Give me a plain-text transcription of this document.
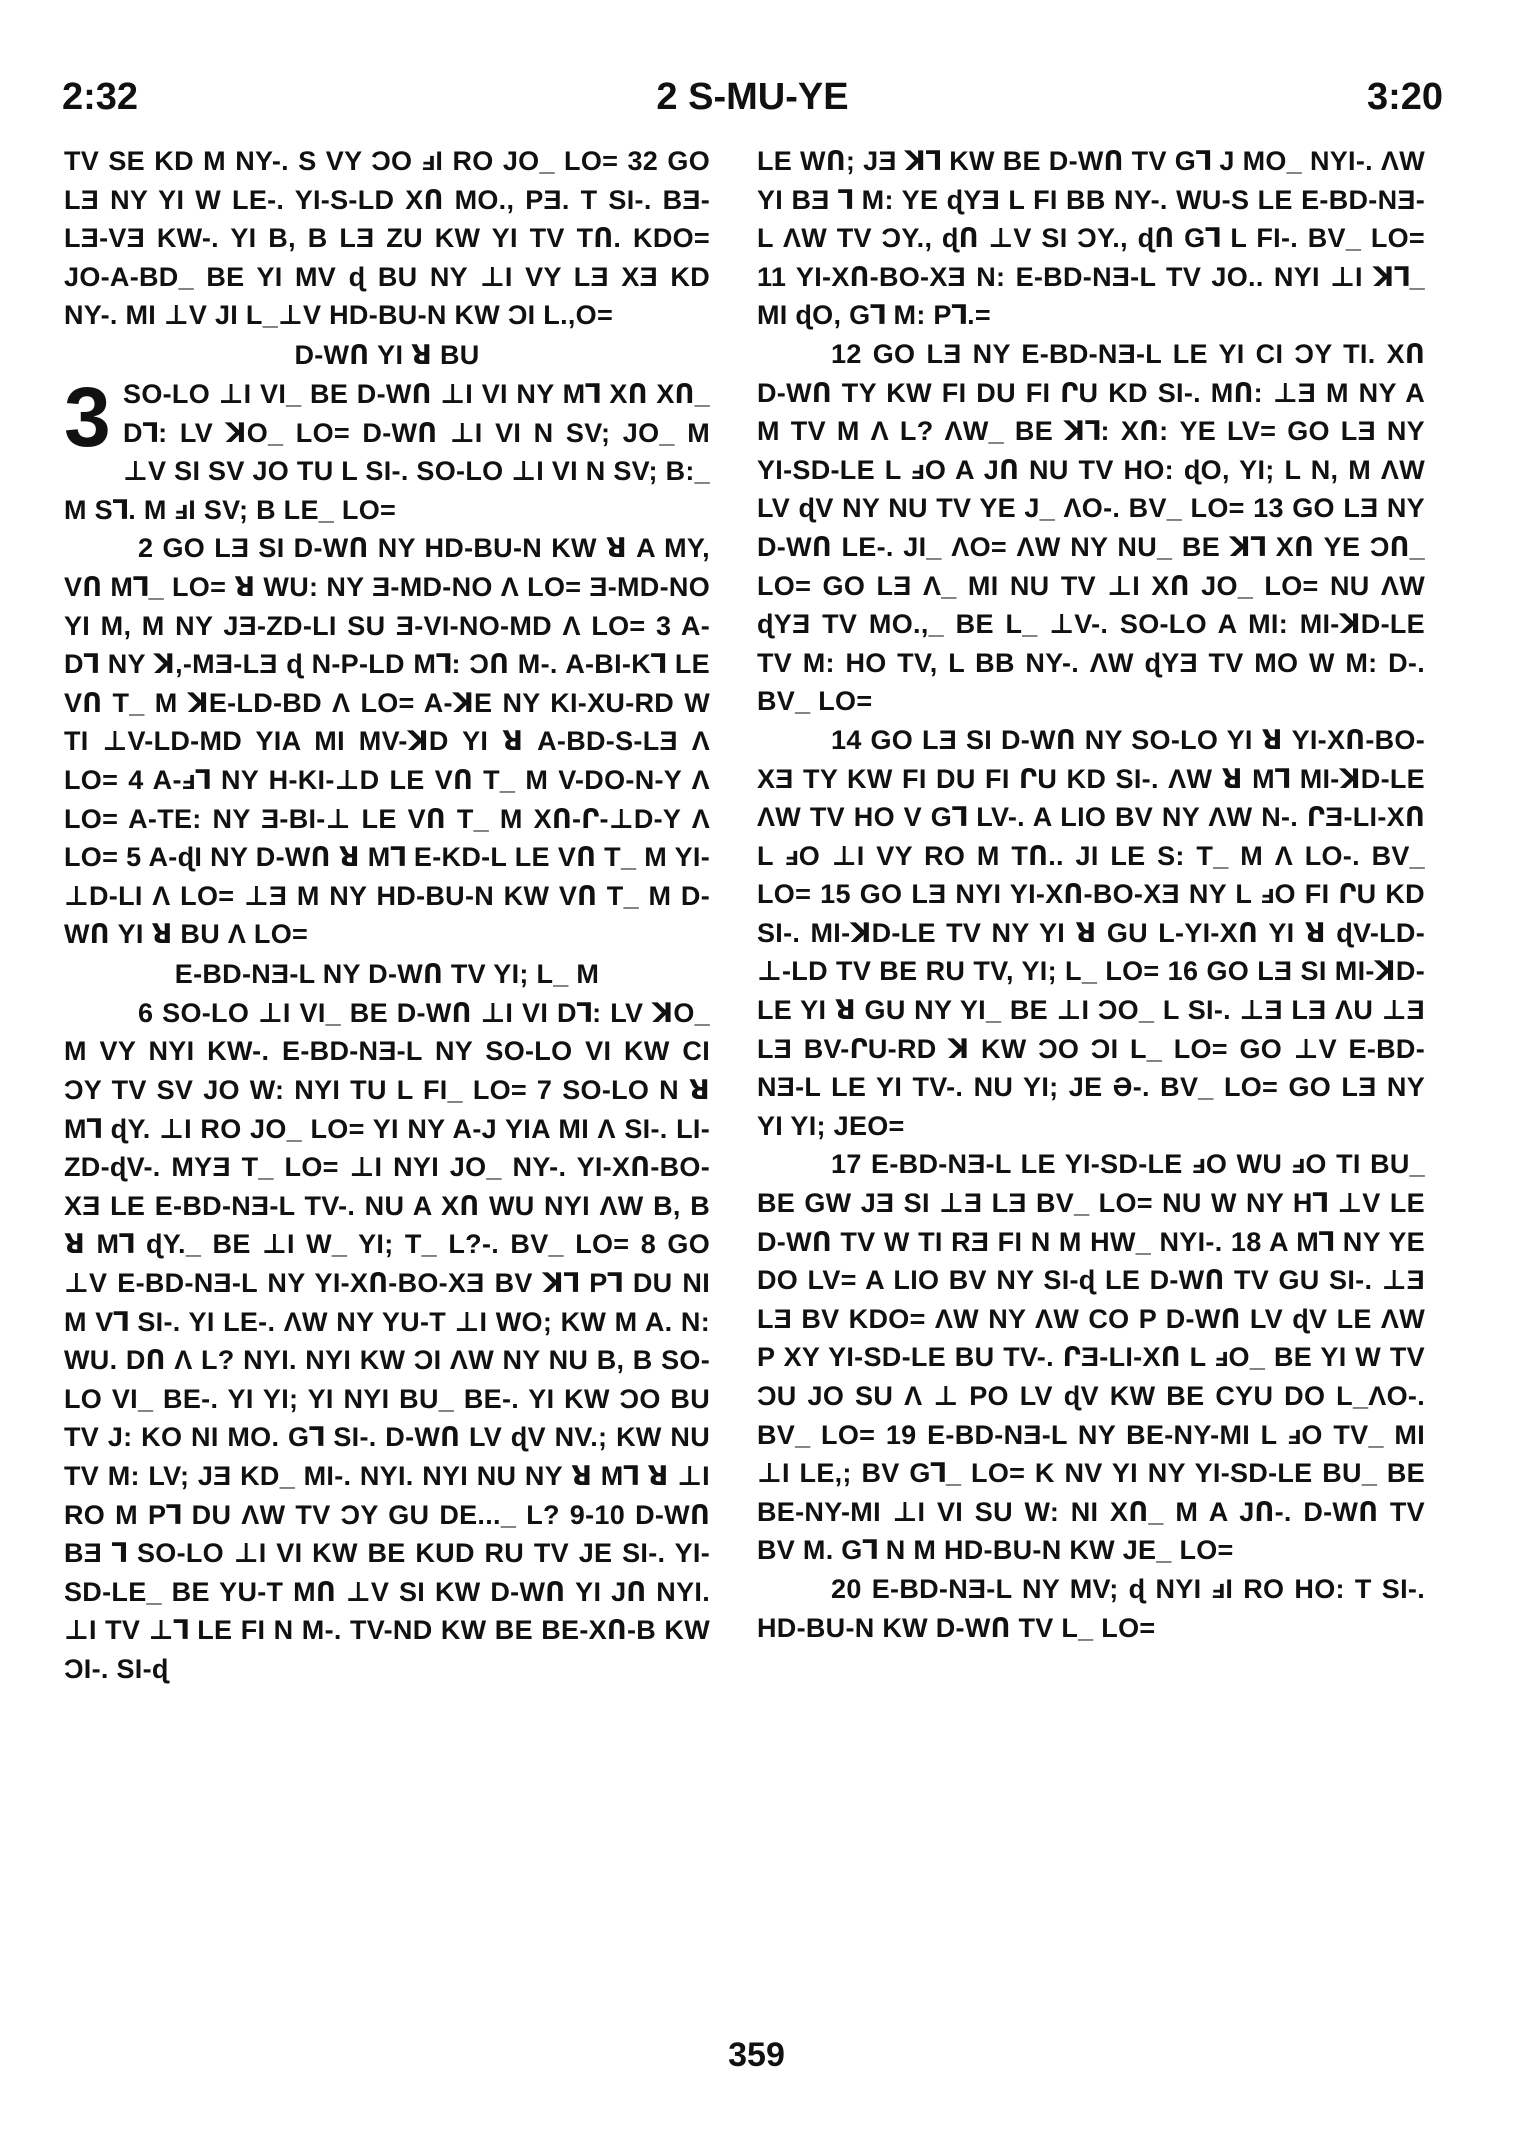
2:32	2 S-MU-YE	3:20

TV SE KD M NY-. S VY ƆO ⅎI RO JO_ LO= 32 GO LƎ NY YI W LE-. YI-S-LD XՈ MO., PƎ. T SI-. BƎ-LƎ-VƎ KW-. YI B, B LƎ ZU KW YI TV TՈ. KDO= JO-A-BD_ BE YI MV ɖ BU NY ⊥I VY LƎ XƎ KD NY-. MI ⊥V JI L_⊥V HD-BU-N KW ƆI L.,O=

D-WՈ YI ꓤ BU

3 SO-LO ⊥I VI_ BE D-WՈ ⊥I VI NY M⅂ XՈ XՈ_ D⅂: LV ꓘO_ LO= D-WՈ ⊥I VI N SV; JO_ M ⊥V SI SV JO TU L SI-. SO-LO ⊥I VI N SV; B:_ M S⅂. M ⅎI SV; B LE_ LO=

2 GO LƎ SI D-WՈ NY HD-BU-N KW ꓤ A MY, VՈ M⅂_ LO= ꓤ WU: NY Ǝ-MD-NO Λ LO= Ǝ-MD-NO YI M, M NY JƎ-ZD-LI SU Ǝ-VI-NO-MD Λ LO= 3 A-D⅂ NY ꓘ,-MƎ-LƎ ɖ N-P-LD M⅂: ƆՈ M-. A-BI-K⅂ LE VՈ T_ M ꓘE-LD-BD Λ LO= A-ꓘE NY KI-XU-RD W TI ⊥V-LD-MD YIA MI MV-ꓘD YI ꓤ A-BD-S-LƎ Λ LO= 4 A-ⅎ⅂ NY H-KI-⊥D LE VՈ T_ M V-DO-N-Y Λ LO= A-TE: NY Ǝ-BI-⊥ LE VՈ T_ M XՈ-Ր-⊥D-Y Λ LO= 5 A-ɖI NY D-WՈ ꓤ M⅂ E-KD-L LE VՈ T_ M YI-⊥D-LI Λ LO= ⊥Ǝ M NY HD-BU-N KW VՈ T_ M D-WՈ YI ꓤ BU Λ LO=

E-BD-NƎ-L NY D-WՈ TV YI; L_ M

6 SO-LO ⊥I VI_ BE D-WՈ ⊥I VI D⅂: LV ꓘO_ M VY NYI KW-. E-BD-NƎ-L NY SO-LO VI KW CI ƆY TV SV JO W: NYI TU L FI_ LO= 7 SO-LO N ꓤ M⅂ ɖY. ⊥I RO JO_ LO= YI NY A-J YIA MI Λ SI-. LI-ZD-ɖV-. MYƎ T_ LO= ⊥I NYI JO_ NY-. YI-XՈ-BO-XƎ LE E-BD-NƎ-L TV-. NU A XՈ WU NYI ΛW B, B ꓤ M⅂ ɖY._ BE ⊥I W_ YI; T_ L?-. BV_ LO= 8 GO ⊥V E-BD-NƎ-L NY YI-XՈ-BO-XƎ BV ꓘ⅂ P⅂ DU NI M V⅂ SI-. YI LE-. ΛW NY YU-T ⊥I WO; KW M A. N: WU. DՈ Λ L? NYI. NYI KW ƆI ΛW NY NU B, B SO-LO VI_ BE-. YI YI; YI NYI BU_ BE-. YI KW ƆO BU TV J: KO NI MO. G⅂ SI-. D-WՈ LV ɖV NV.; KW NU TV M: LV; JƎ KD_ MI-. NYI. NYI NU NY ꓤ M⅂ ꓤ ⊥I RO M P⅂ DU ΛW TV ƆY GU DE..._ L? 9-10 D-WՈ BƎ ⅂ SO-LO ⊥I VI KW BE KUD RU TV JE SI-. YI-SD-LE_ BE YU-T MՈ ⊥V SI KW D-WՈ YI JՈ NYI. ⊥I TV ⊥⅂ LE FI N M-. TV-ND KW BE BE-XՈ-B KW ƆI-. SI-ɖ

LE WՈ; JƎ ꓘ⅂ KW BE D-WՈ TV G⅂ J MO_ NYI-. ΛW YI BƎ ⅂ M: YE ɖYƎ L FI BB NY-. WU-S LE E-BD-NƎ-L ΛW TV ƆY., ɖՈ ⊥V SI ƆY., ɖՈ G⅂ L FI-. BV_ LO= 11 YI-XՈ-BO-XƎ N: E-BD-NƎ-L TV JO.. NYI ⊥I ꓘ⅂_ MI ɖO, G⅂ M: P⅂.=

12 GO LƎ NY E-BD-NƎ-L LE YI CI ƆY TI. XՈ D-WՈ TY KW FI DU FI ՐU KD SI-. MՈ: ⊥Ǝ M NY A M TV M Λ L? ΛW_ BE ꓘ⅂: XՈ: YE LV= GO LƎ NY YI-SD-LE L ⅎO A JՈ NU TV HO: ɖO, YI; L N, M ΛW LV ɖV NY NU TV YE J_ ΛO-. BV_ LO= 13 GO LƎ NY D-WՈ LE-. JI_ ΛO= ΛW NY NU_ BE ꓘ⅂ XՈ YE ƆՈ_ LO= GO LƎ Λ_ MI NU TV ⊥I XՈ JO_ LO= NU ΛW ɖYƎ TV MO.,_ BE L_ ⊥V-. SO-LO A MI: MI-ꓘD-LE TV M: HO TV, L BB NY-. ΛW ɖYƎ TV MO W M: D-. BV_ LO=

14 GO LƎ SI D-WՈ NY SO-LO YI ꓤ YI-XՈ-BO-XƎ TY KW FI DU FI ՐU KD SI-. ΛW ꓤ M⅂ MI-ꓘD-LE ΛW TV HO V G⅂ LV-. A LIO BV NY ΛW N-. ՐƎ-LI-XՈ L ⅎO ⊥I VY RO M TՈ.. JI LE S: T_ M Λ LO-. BV_ LO= 15 GO LƎ NYI YI-XՈ-BO-XƎ NY L ⅎO FI ՐU KD SI-. MI-ꓘD-LE TV NY YI ꓤ GU L-YI-XՈ YI ꓤ ɖV-LD-⊥-LD TV BE RU TV, YI; L_ LO= 16 GO LƎ SI MI-ꓘD-LE YI ꓤ GU NY YI_ BE ⊥I ƆO_ L SI-. ⊥Ǝ LƎ ΛU ⊥Ǝ LƎ BV-ՐU-RD ꓘ KW ƆO ƆI L_ LO= GO ⊥V E-BD-NƎ-L LE YI TV-. NU YI; JE Ә-. BV_ LO= GO LƎ NY YI YI; JEO=

17 E-BD-NƎ-L LE YI-SD-LE ⅎO WU ⅎO TI BU_ BE GW JƎ SI ⊥Ǝ LƎ BV_ LO= NU W NY H⅂ ⊥V LE D-WՈ TV W TI RƎ FI N M HW_ NYI-. 18 A M⅂ NY YE DO LV= A LIO BV NY SI-ɖ LE D-WՈ TV GU SI-. ⊥Ǝ LƎ BV KDO= ΛW NY ΛW CO P D-WՈ LV ɖV LE ΛW P XY YI-SD-LE BU TV-. ՐƎ-LI-XՈ L ⅎO_ BE YI W TV ƆU JO SU Λ ⊥ PO LV ɖV KW BE CYU DO L_ΛO-. BV_ LO= 19 E-BD-NƎ-L NY BE-NY-MI L ⅎO TV_ MI ⊥I LE,; BV G⅂_ LO= K NV YI NY YI-SD-LE BU_ BE BE-NY-MI ⊥I VI SU W: NI XՈ_ M A JՈ-. D-WՈ TV BV M. G⅂ N M HD-BU-N KW JE_ LO=

20 E-BD-NƎ-L NY MV; ɖ NYI ⅎI RO HO: T SI-. HD-BU-N KW D-WՈ TV L_ LO=

359
